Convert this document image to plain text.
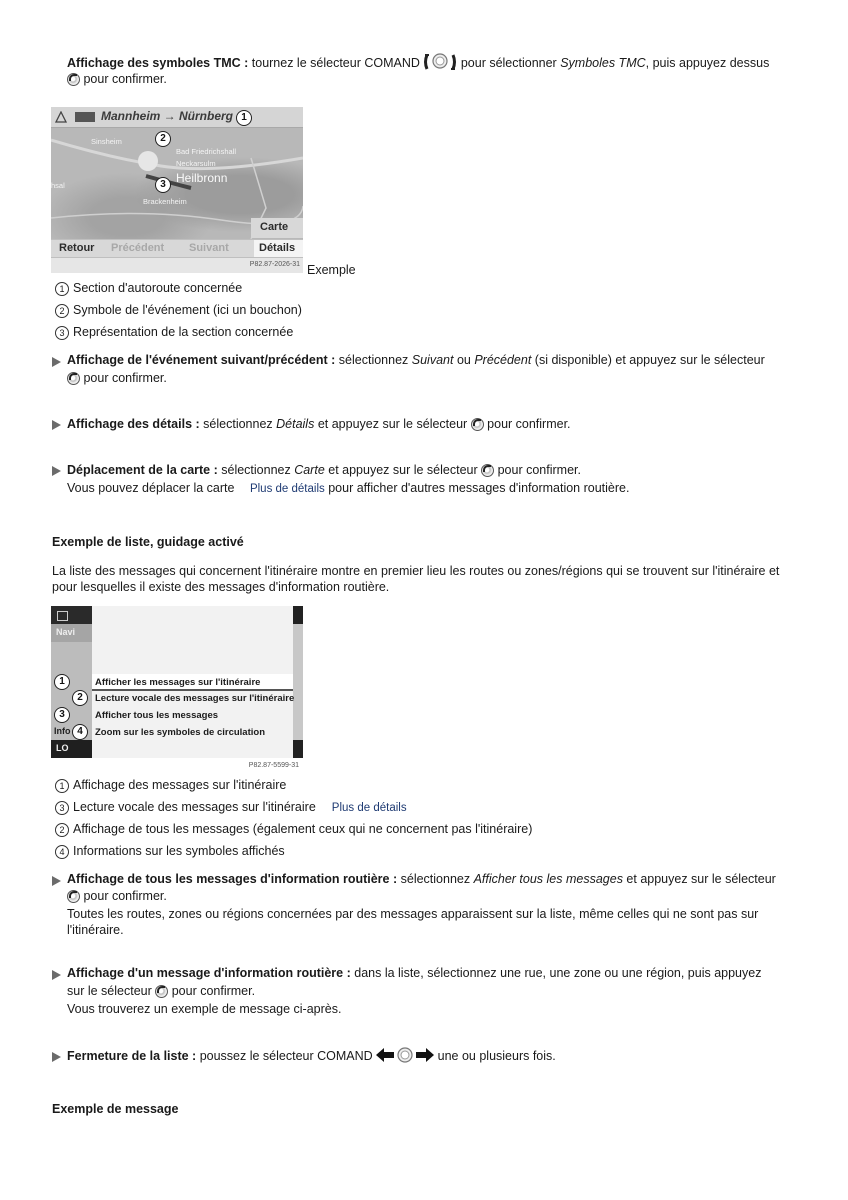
Affichage des symboles TMC : tournez le sélecteur COMAND	pour sélectionner Symboles TMC, puis appuyez dessus
pour confirmer.
Mannheim → Nürnberg
Sinsheim
Bad Friedrichshall
Neckarsulm
Heilbronn
Brackenheim
hsal
Carte
1
2
3
Retour Précédent Suivant	Détails
P82.87-2026-31 Exemple
1 Section d'autoroute concernée
2 Symbole de l'événement (ici un bouchon)
3 Représentation de la section concernée
Affichage de l'événement suivant/précédent : sélectionnez Suivant ou Précédent (si disponible) et appuyez sur le sélecteur
pour confirmer.
Affichage des détails : sélectionnez Détails et appuyez sur le sélecteur  pour confirmer.
Déplacement de la carte : sélectionnez Carte et appuyez sur le sélecteur  pour confirmer.
Vous pouvez déplacer la carte Plus de détails pour afficher d'autres messages d'information routière.
Exemple de liste, guidage activé
La liste des messages qui concernent l'itinéraire montre en premier lieu les routes ou zones/régions qui se trouvent sur l'itinéraire et pour lesquelles il existe des messages d'information routière.
Navi
Info
LO
Afficher les messages sur l'itinéraire
Lecture vocale des messages sur l'itinéraire
Afficher tous les messages
Zoom sur les symboles de circulation
1
2
3
4
P82.87-5599-31
1 Affichage des messages sur l'itinéraire
3 Lecture vocale des messages sur l'itinéraire Plus de détails
2 Affichage de tous les messages (également ceux qui ne concernent pas l'itinéraire)
4 Informations sur les symboles affichés
Affichage de tous les messages d'information routière : sélectionnez Afficher tous les messages et appuyez sur le sélecteur
pour confirmer.
Toutes les routes, zones ou régions concernées par des messages apparaissent sur la liste, même celles qui ne sont pas sur
l'itinéraire.
Affichage d'un message d'information routière : dans la liste, sélectionnez une rue, une zone ou une région, puis appuyez
sur le sélecteur  pour confirmer.
Vous trouverez un exemple de message ci-après.
Fermeture de la liste : poussez le sélecteur COMAND	une ou plusieurs fois.
Exemple de message
